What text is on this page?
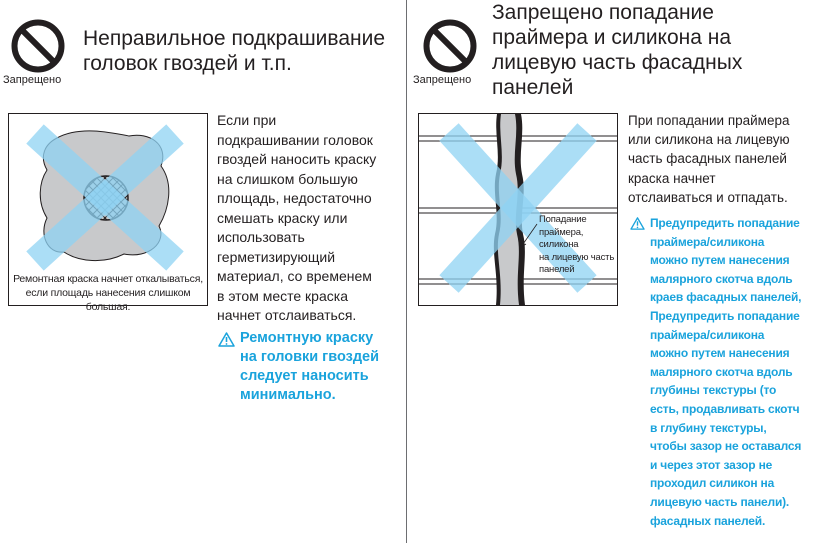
Запрещено
Неправильное подкрашивание
головок гвоздей и т.п.
Ремонтная краска начнет откалываться,
если площадь нанесения слишком большая.
Если при
подкрашивании головок
гвоздей наносить краску
на слишком большую
площадь, недостаточно
смешать краску или
использовать
герметизирующий
материал, со временем
в этом месте краска
начнет отслаиваться.
Ремонтную краску
на головки гвоздей
следует наносить
минимально.
Запрещено
Запрещено попадание
праймера и силикона на
лицевую часть фасадных
панелей
Попадание
праймера, силикона
на лицевую часть
панелей
При попадании праймера
или силикона на лицевую
часть фасадных панелей
краска начнет
отслаиваться и отпадать.
Предупредить попадание
праймера/силикона
можно путем нанесения
малярного скотча вдоль
краев фасадных панелей,
Предупредить попадание
праймера/силикона
можно путем нанесения
малярного скотча вдоль
глубины текстуры (то
есть, продавливать скотч
в глубину текстуры,
чтобы зазор не оставался
и через этот зазор не
проходил силикон на
лицевую часть панели).
фасадных панелей.
